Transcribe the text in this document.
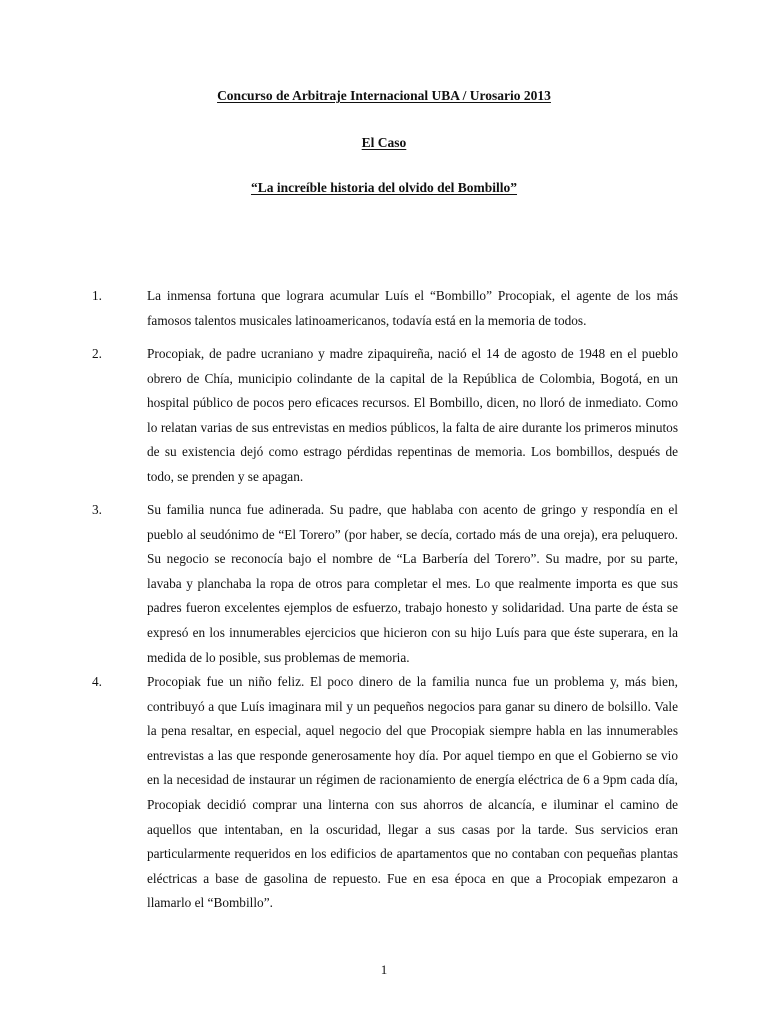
Concurso de Arbitraje Internacional UBA / Urosario 2013
El Caso
“La increíble historia del olvido del Bombillo”
1.	La inmensa fortuna que lograra acumular Luís el “Bombillo” Procopiak, el agente de los más famosos talentos musicales latinoamericanos, todavía está en la memoria de todos.
2.	Procopiak, de padre ucraniano y madre zipaquireña, nació el 14 de agosto de 1948 en el pueblo obrero de Chía, municipio colindante de la capital de la República de Colombia, Bogotá, en un hospital público de pocos pero eficaces recursos. El Bombillo, dicen, no lloró de inmediato. Como lo relatan varias de sus entrevistas en medios públicos, la falta de aire durante los primeros minutos de su existencia dejó como estrago pérdidas repentinas de memoria. Los bombillos, después de todo, se prenden y se apagan.
3.	Su familia nunca fue adinerada. Su padre, que hablaba con acento de gringo y respondía en el pueblo al seudónimo de “El Torero” (por haber, se decía, cortado más de una oreja), era peluquero. Su negocio se reconocía bajo el nombre de “La Barbería del Torero”. Su madre, por su parte, lavaba y planchaba la ropa de otros para completar el mes. Lo que realmente importa es que sus padres fueron excelentes ejemplos de esfuerzo, trabajo honesto y solidaridad. Una parte de ésta se expresó en los innumerables ejercicios que hicieron con su hijo Luís para que éste superara, en la medida de lo posible, sus problemas de memoria.
4.	Procopiak fue un niño feliz. El poco dinero de la familia nunca fue un problema y, más bien, contribuyó a que Luís imaginara mil y un pequeños negocios para ganar su dinero de bolsillo. Vale la pena resaltar, en especial, aquel negocio del que Procopiak siempre habla en las innumerables entrevistas a las que responde generosamente hoy día. Por aquel tiempo en que el Gobierno se vio en la necesidad de instaurar un régimen de racionamiento de energía eléctrica de 6 a 9pm cada día, Procopiak decidió comprar una linterna con sus ahorros de alcancía, e iluminar el camino de aquellos que intentaban, en la oscuridad, llegar a sus casas por la tarde. Sus servicios eran particularmente requeridos en los edificios de apartamentos que no contaban con pequeñas plantas eléctricas a base de gasolina de repuesto. Fue en esa época en que a Procopiak empezaron a llamarlo el “Bombillo”.
1
